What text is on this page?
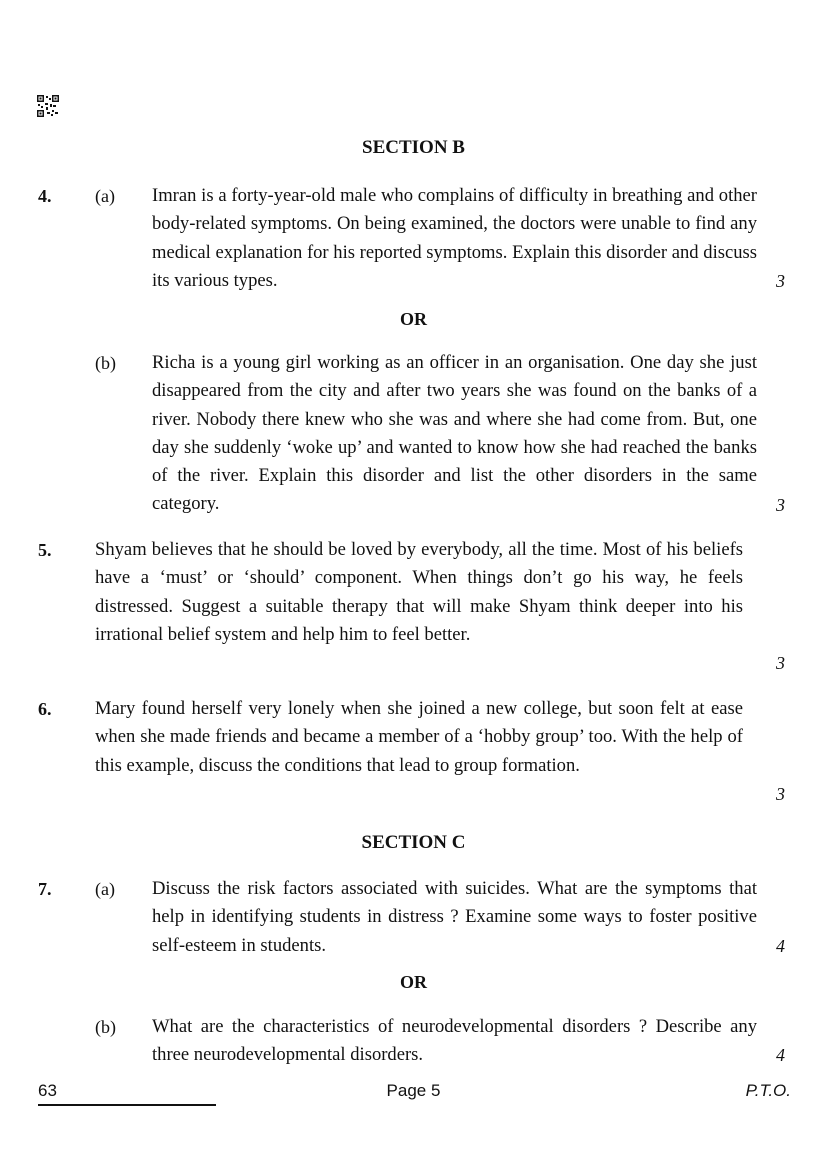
SECTION B
4. (a) Imran is a forty-year-old male who complains of difficulty in breathing and other body-related symptoms. On being examined, the doctors were unable to find any medical explanation for his reported symptoms. Explain this disorder and discuss its various types.	3
OR
(b) Richa is a young girl working as an officer in an organisation. One day she just disappeared from the city and after two years she was found on the banks of a river. Nobody there knew who she was and where she had come from. But, one day she suddenly ‘woke up’ and wanted to know how she had reached the banks of the river. Explain this disorder and list the other disorders in the same category.	3
5. Shyam believes that he should be loved by everybody, all the time. Most of his beliefs have a ‘must’ or ‘should’ component. When things don’t go his way, he feels distressed. Suggest a suitable therapy that will make Shyam think deeper into his irrational belief system and help him to feel better.
3
6. Mary found herself very lonely when she joined a new college, but soon felt at ease when she made friends and became a member of a ‘hobby group’ too. With the help of this example, discuss the conditions that lead to group formation.
3
SECTION C
7. (a) Discuss the risk factors associated with suicides. What are the symptoms that help in identifying students in distress ? Examine some ways to foster positive self-esteem in students.	4
OR
(b) What are the characteristics of neurodevelopmental disorders ? Describe any three neurodevelopmental disorders.	4
63	Page 5	P.T.O.
